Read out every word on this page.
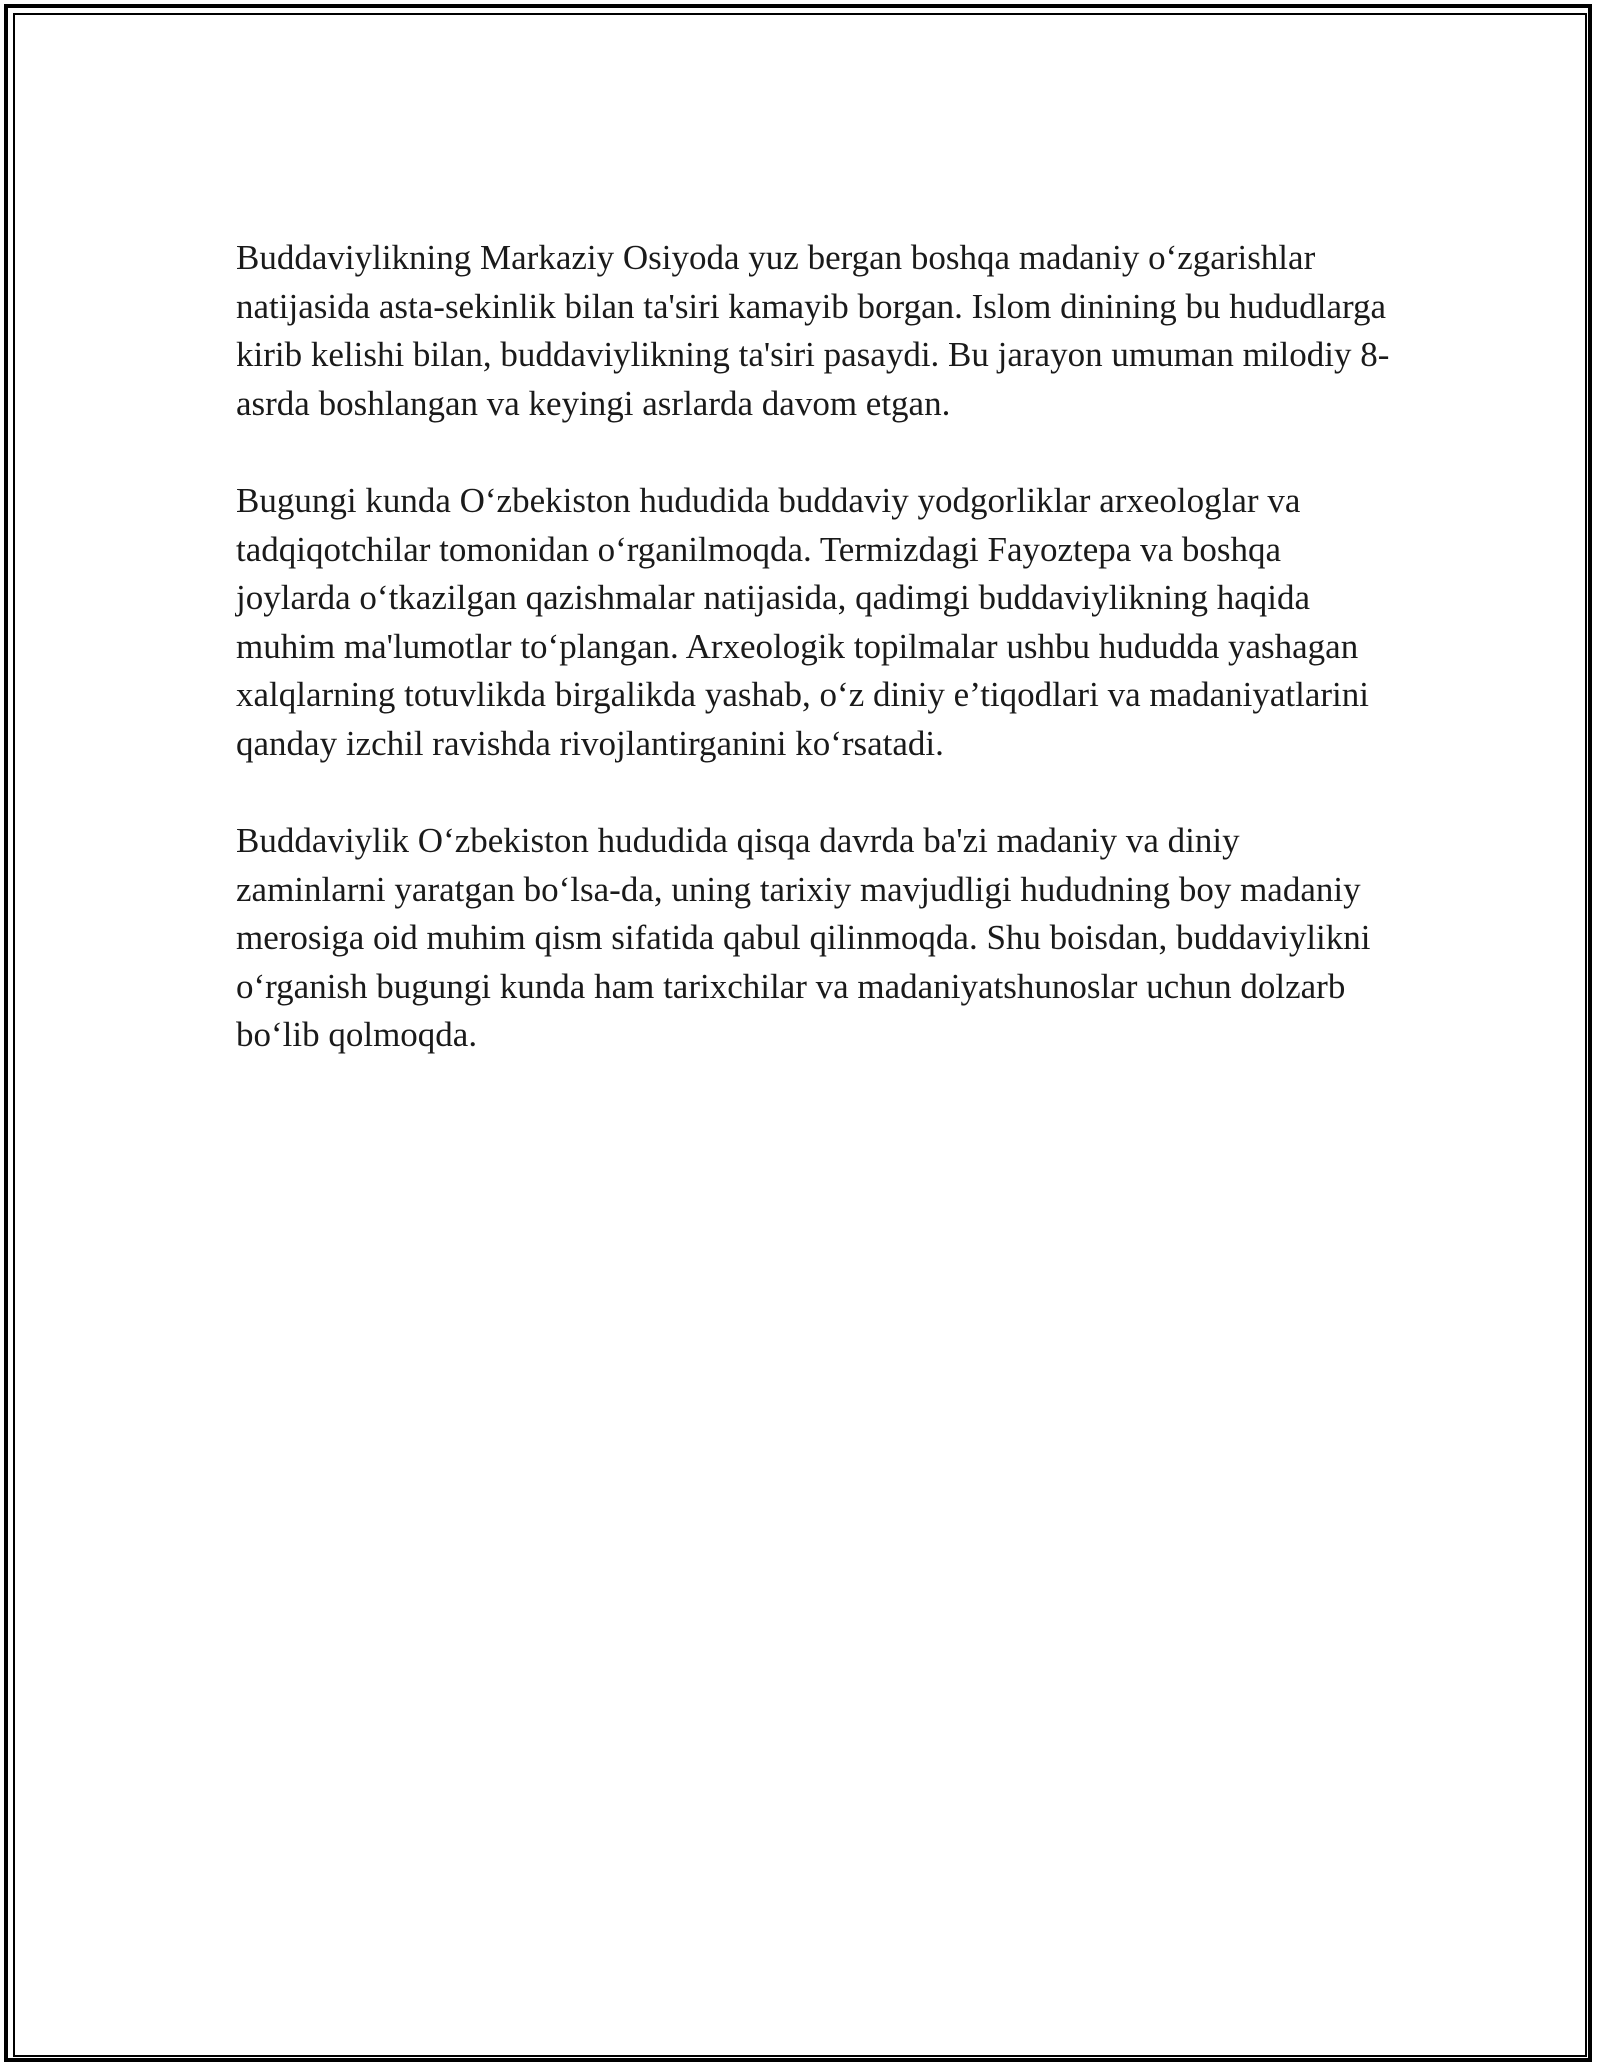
Buddaviylikning Markaziy Osiyoda yuz bergan boshqa madaniy o‘zgarishlar natijasida asta-sekinlik bilan ta'siri kamayib borgan. Islom dinining bu hududlarga kirib kelishi bilan, buddaviylikning ta'siri pasaydi. Bu jarayon umuman milodiy 8-asrda boshlangan va keyingi asrlarda davom etgan.

Bugungi kunda O‘zbekiston hududida buddaviy yodgorliklar arxeologlar va tadqiqotchilar tomonidan o‘rganilmoqda. Termizdagi Fayoztepa va boshqa joylarda o‘tkazilgan qazishmalar natijasida, qadimgi buddaviylikning haqida muhim ma'lumotlar to‘plangan. Arxeologik topilmalar ushbu hududda yashagan xalqlarning totuvlikda birgalikda yashab, o‘z diniy e’tiqodlari va madaniyatlarini qanday izchil ravishda rivojlantirganini ko‘rsatadi.

Buddaviylik O‘zbekiston hududida qisqa davrda ba'zi madaniy va diniy zaminlarni yaratgan bo‘lsa-da, uning tarixiy mavjudligi hududning boy madaniy merosiga oid muhim qism sifatida qabul qilinmoqda. Shu boisdan, buddaviylikni o‘rganish bugungi kunda ham tarixchilar va madaniyatshunoslar uchun dolzarb bo‘lib qolmoqda.
